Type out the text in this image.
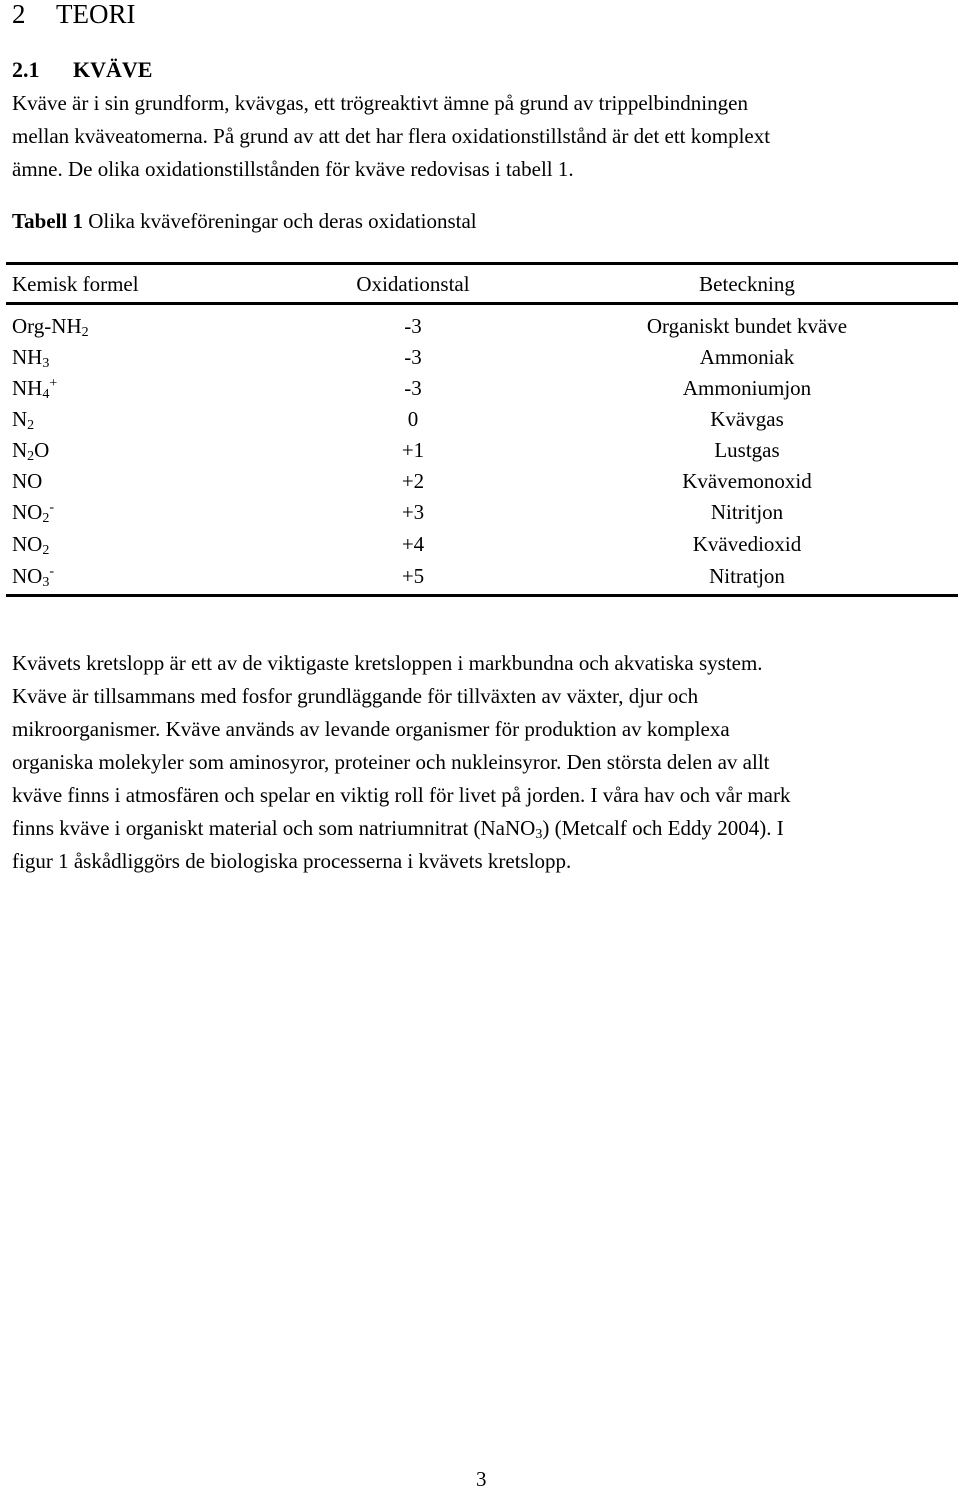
2 TEORI
2.1 KVÄVE
Kväve är i sin grundform, kvävgas, ett trögreaktivt ämne på grund av trippelbindningen
mellan kväveatomerna. På grund av att det har flera oxidationstillstånd är det ett komplext
ämne. De olika oxidationstillstånden för kväve redovisas i tabell 1.
Tabell 1 Olika kväveföreningar och deras oxidationstal
Kemisk formel	Oxidationstal	Beteckning
Org-$NH_2$	-3	Organiskt bundet kväve
$NH_3$	-3	Ammoniak
$NH_4^+$	-3	Ammoniumjon
$N_2$	0	Kvävgas
$N_2O$	+1	Lustgas
NO	+2	Kvävemonoxid
$NO_2^-$	+3	Nitritjon
$NO_2$	+4	Kvävedioxid
$NO_3^-$	+5	Nitratjon
Kvävets kretslopp är ett av de viktigaste kretsloppen i markbundna och akvatiska system.
Kväve är tillsammans med fosfor grundläggande för tillväxten av växter, djur och
mikroorganismer. Kväve används av levande organismer för produktion av komplexa
organiska molekyler som aminosyror, proteiner och nukleinsyror. Den största delen av allt
kväve finns i atmosfären och spelar en viktig roll för livet på jorden. I våra hav och vår mark
finns kväve i organiskt material och som natriumnitrat (NaNO$_3$) (Metcalf och Eddy 2004). I
figur 1 åskådliggörs de biologiska processerna i kvävets kretslopp.
3
